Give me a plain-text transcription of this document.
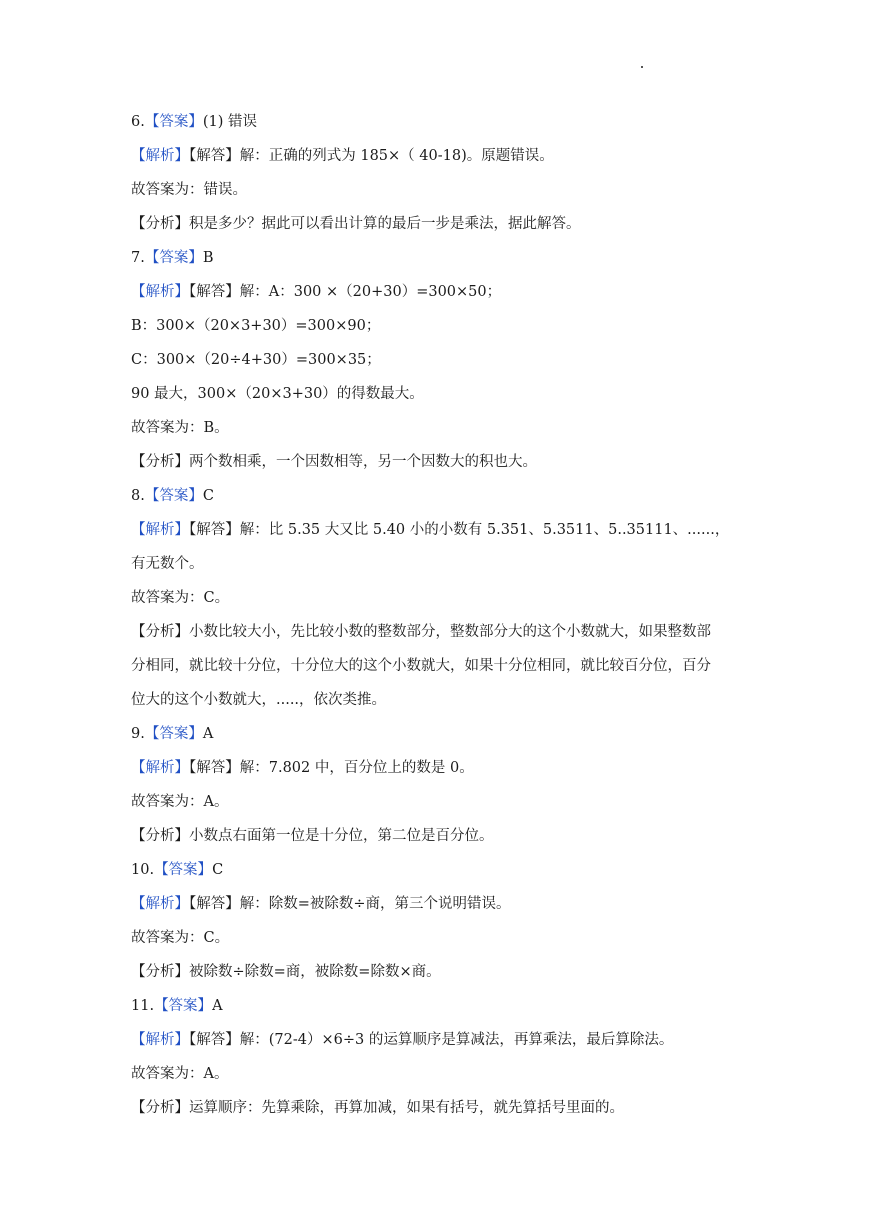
6.【答案】(1) 错误
【解析】【解答】解：正确的列式为 185×（ 40-18)。原题错误。
故答案为：错误。
【分析】积是多少？据此可以看出计算的最后一步是乘法，据此解答。
7.【答案】B
【解析】【解答】解：A：300 ×（20+30）=300×50；
B：300×（20×3+30）=300×90；
C：300×（20÷4+30）=300×35；
90 最大，300×（20×3+30）的得数最大。
故答案为：B。
【分析】两个数相乘，一个因数相等，另一个因数大的积也大。
8.【答案】C
【解析】【解答】解：比 5.35 大又比 5.40 小的小数有 5.351、5.3511、5..35111、......，
有无数个。
故答案为：C。
【分析】小数比较大小，先比较小数的整数部分，整数部分大的这个小数就大，如果整数部
分相同，就比较十分位，十分位大的这个小数就大，如果十分位相同，就比较百分位，百分
位大的这个小数就大，.....，依次类推。
9.【答案】A
【解析】【解答】解：7.802 中，百分位上的数是 0。
故答案为：A。
【分析】小数点右面第一位是十分位，第二位是百分位。
10.【答案】C
【解析】【解答】解：除数=被除数÷商，第三个说明错误。
故答案为：C。
【分析】被除数÷除数=商，被除数=除数×商。
11.【答案】A
【解析】【解答】解：(72-4）×6÷3 的运算顺序是算减法，再算乘法，最后算除法。
故答案为：A。
【分析】运算顺序：先算乘除，再算加减，如果有括号，就先算括号里面的。
